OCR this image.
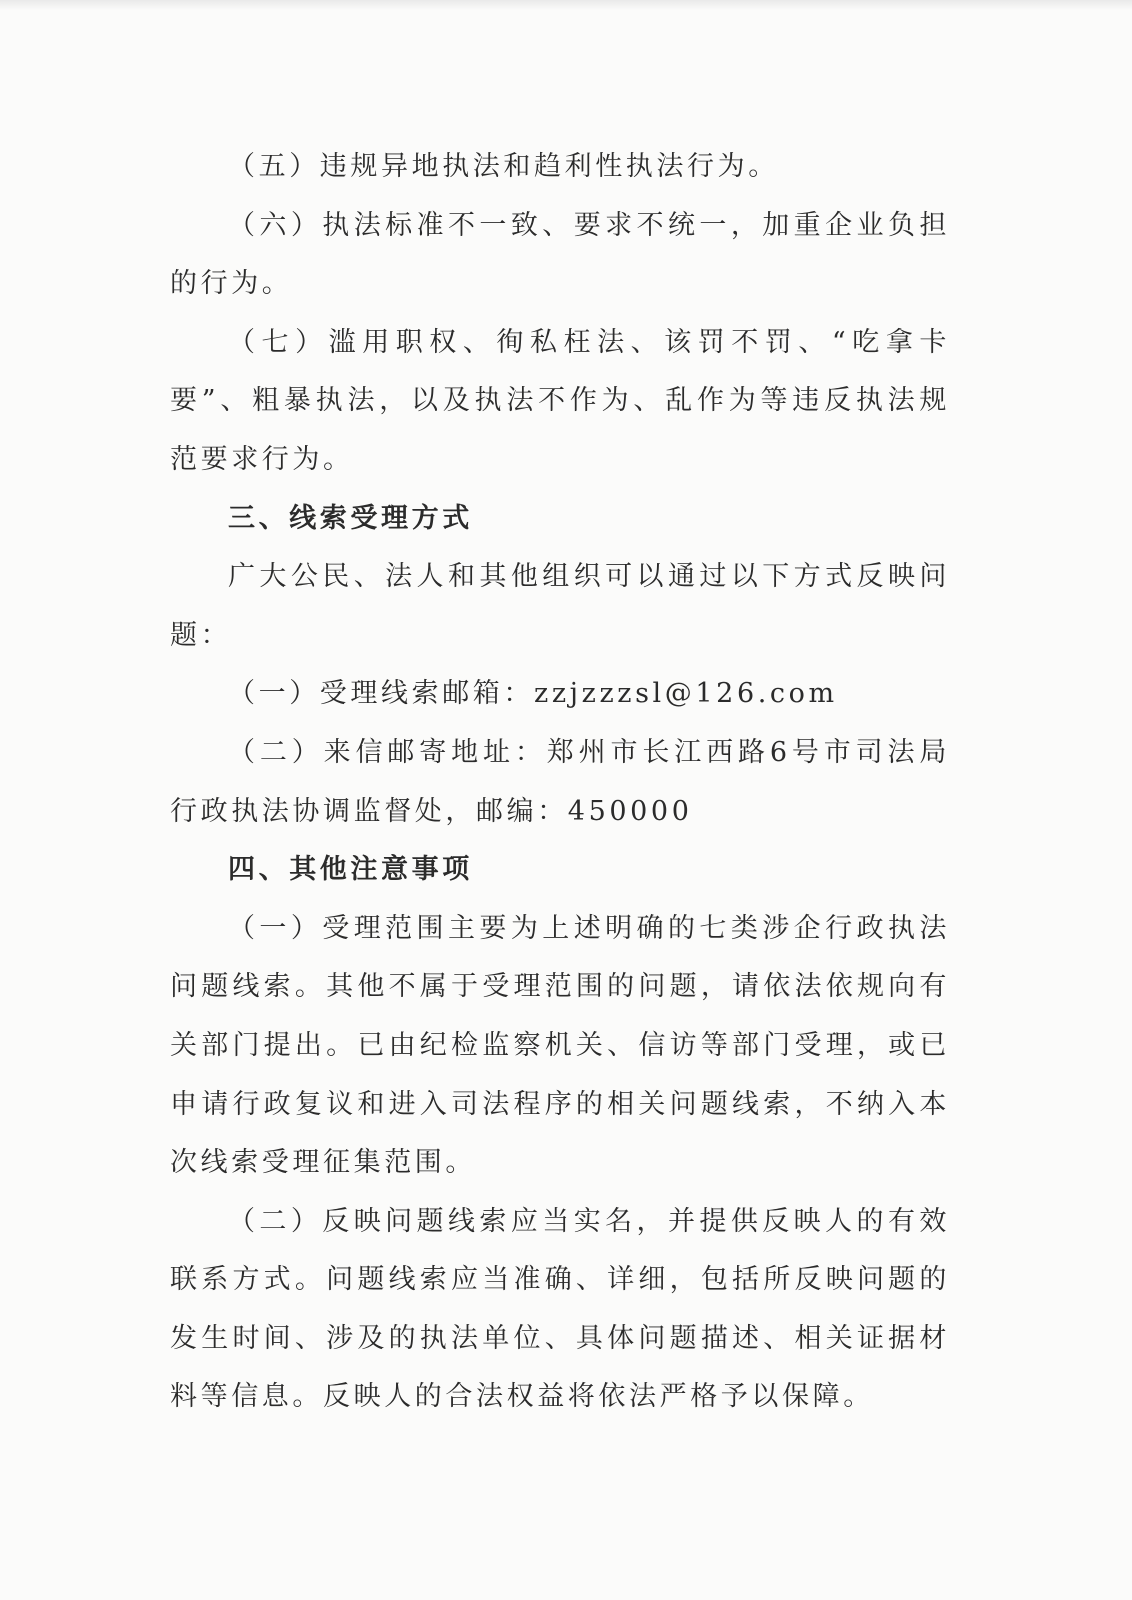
（五）违规异地执法和趋利性执法行为。

（六）执法标准不一致、要求不统一，加重企业负担的行为。

（七）滥用职权、徇私枉法、该罚不罚、“吃拿卡要”、粗暴执法，以及执法不作为、乱作为等违反执法规范要求行为。

三、线索受理方式

广大公民、法人和其他组织可以通过以下方式反映问题：

（一）受理线索邮箱：zzjzzzsl@126.com

（二）来信邮寄地址：郑州市长江西路6号市司法局行政执法协调监督处，邮编：450000

四、其他注意事项

（一）受理范围主要为上述明确的七类涉企行政执法问题线索。其他不属于受理范围的问题，请依法依规向有关部门提出。已由纪检监察机关、信访等部门受理，或已申请行政复议和进入司法程序的相关问题线索，不纳入本次线索受理征集范围。

（二）反映问题线索应当实名，并提供反映人的有效联系方式。问题线索应当准确、详细，包括所反映问题的发生时间、涉及的执法单位、具体问题描述、相关证据材料等信息。反映人的合法权益将依法严格予以保障。
